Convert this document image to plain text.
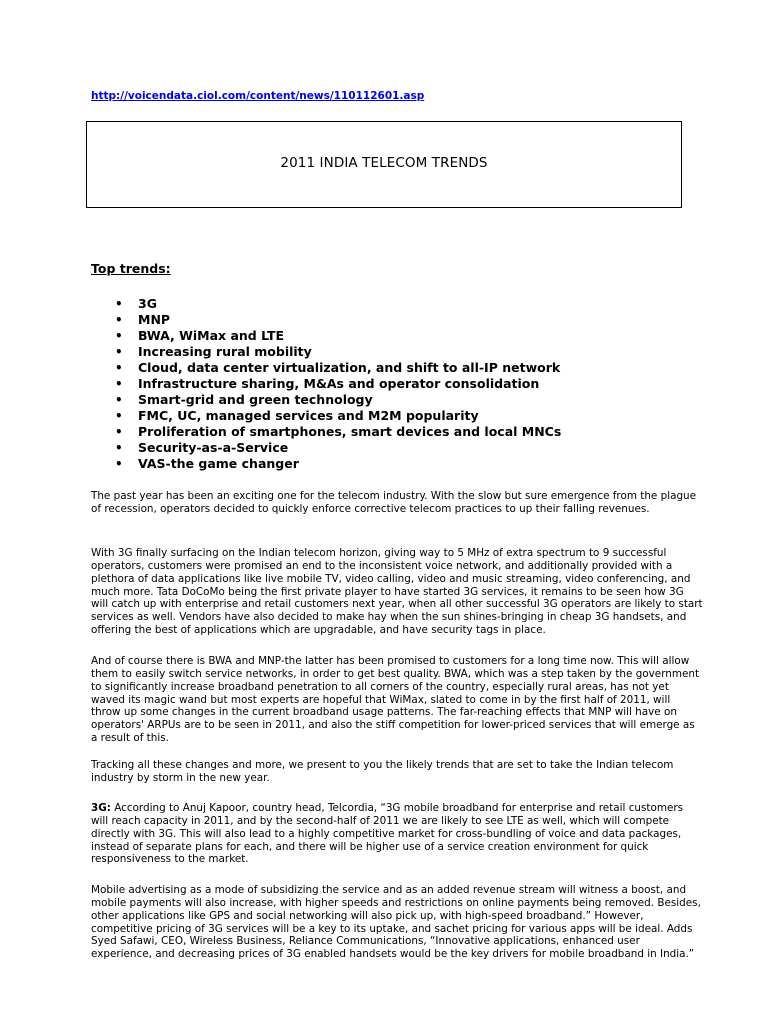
http://voicendata.ciol.com/content/news/110112601.asp
2011 INDIA TELECOM TRENDS
Top trends:
• 3G
• MNP
• BWA, WiMax and LTE
• Increasing rural mobility
• Cloud, data center virtualization, and shift to all-IP network
• Infrastructure sharing, M&As and operator consolidation
• Smart-grid and green technology
• FMC, UC, managed services and M2M popularity
• Proliferation of smartphones, smart devices and local MNCs
• Security-as-a-Service
• VAS-the game changer

The past year has been an exciting one for the telecom industry. With the slow but sure emergence from the plague of recession, operators decided to quickly enforce corrective telecom practices to up their falling revenues.

With 3G finally surfacing on the Indian telecom horizon, giving way to 5 MHz of extra spectrum to 9 successful operators, customers were promised an end to the inconsistent voice network, and additionally provided with a plethora of data applications like live mobile TV, video calling, video and music streaming, video conferencing, and much more. Tata DoCoMo being the first private player to have started 3G services, it remains to be seen how 3G will catch up with enterprise and retail customers next year, when all other successful 3G operators are likely to start services as well. Vendors have also decided to make hay when the sun shines-bringing in cheap 3G handsets, and offering the best of applications which are upgradable, and have security tags in place.

And of course there is BWA and MNP-the latter has been promised to customers for a long time now. This will allow them to easily switch service networks, in order to get best quality. BWA, which was a step taken by the government to significantly increase broadband penetration to all corners of the country, especially rural areas, has not yet waved its magic wand but most experts are hopeful that WiMax, slated to come in by the first half of 2011, will throw up some changes in the current broadband usage patterns. The far-reaching effects that MNP will have on operators' ARPUs are to be seen in 2011, and also the stiff competition for lower-priced services that will emerge as a result of this.

Tracking all these changes and more, we present to you the likely trends that are set to take the Indian telecom industry by storm in the new year.

3G: According to Anuj Kapoor, country head, Telcordia, “3G mobile broadband for enterprise and retail customers will reach capacity in 2011, and by the second-half of 2011 we are likely to see LTE as well, which will compete directly with 3G. This will also lead to a highly competitive market for cross-bundling of voice and data packages, instead of separate plans for each, and there will be higher use of a service creation environment for quick responsiveness to the market.

Mobile advertising as a mode of subsidizing the service and as an added revenue stream will witness a boost, and mobile payments will also increase, with higher speeds and restrictions on online payments being removed. Besides, other applications like GPS and social networking will also pick up, with high-speed broadband.” However, competitive pricing of 3G services will be a key to its uptake, and sachet pricing for various apps will be ideal. Adds Syed Safawi, CEO, Wireless Business, Reliance Communications, “Innovative applications, enhanced user experience, and decreasing prices of 3G enabled handsets would be the key drivers for mobile broadband in India.”
